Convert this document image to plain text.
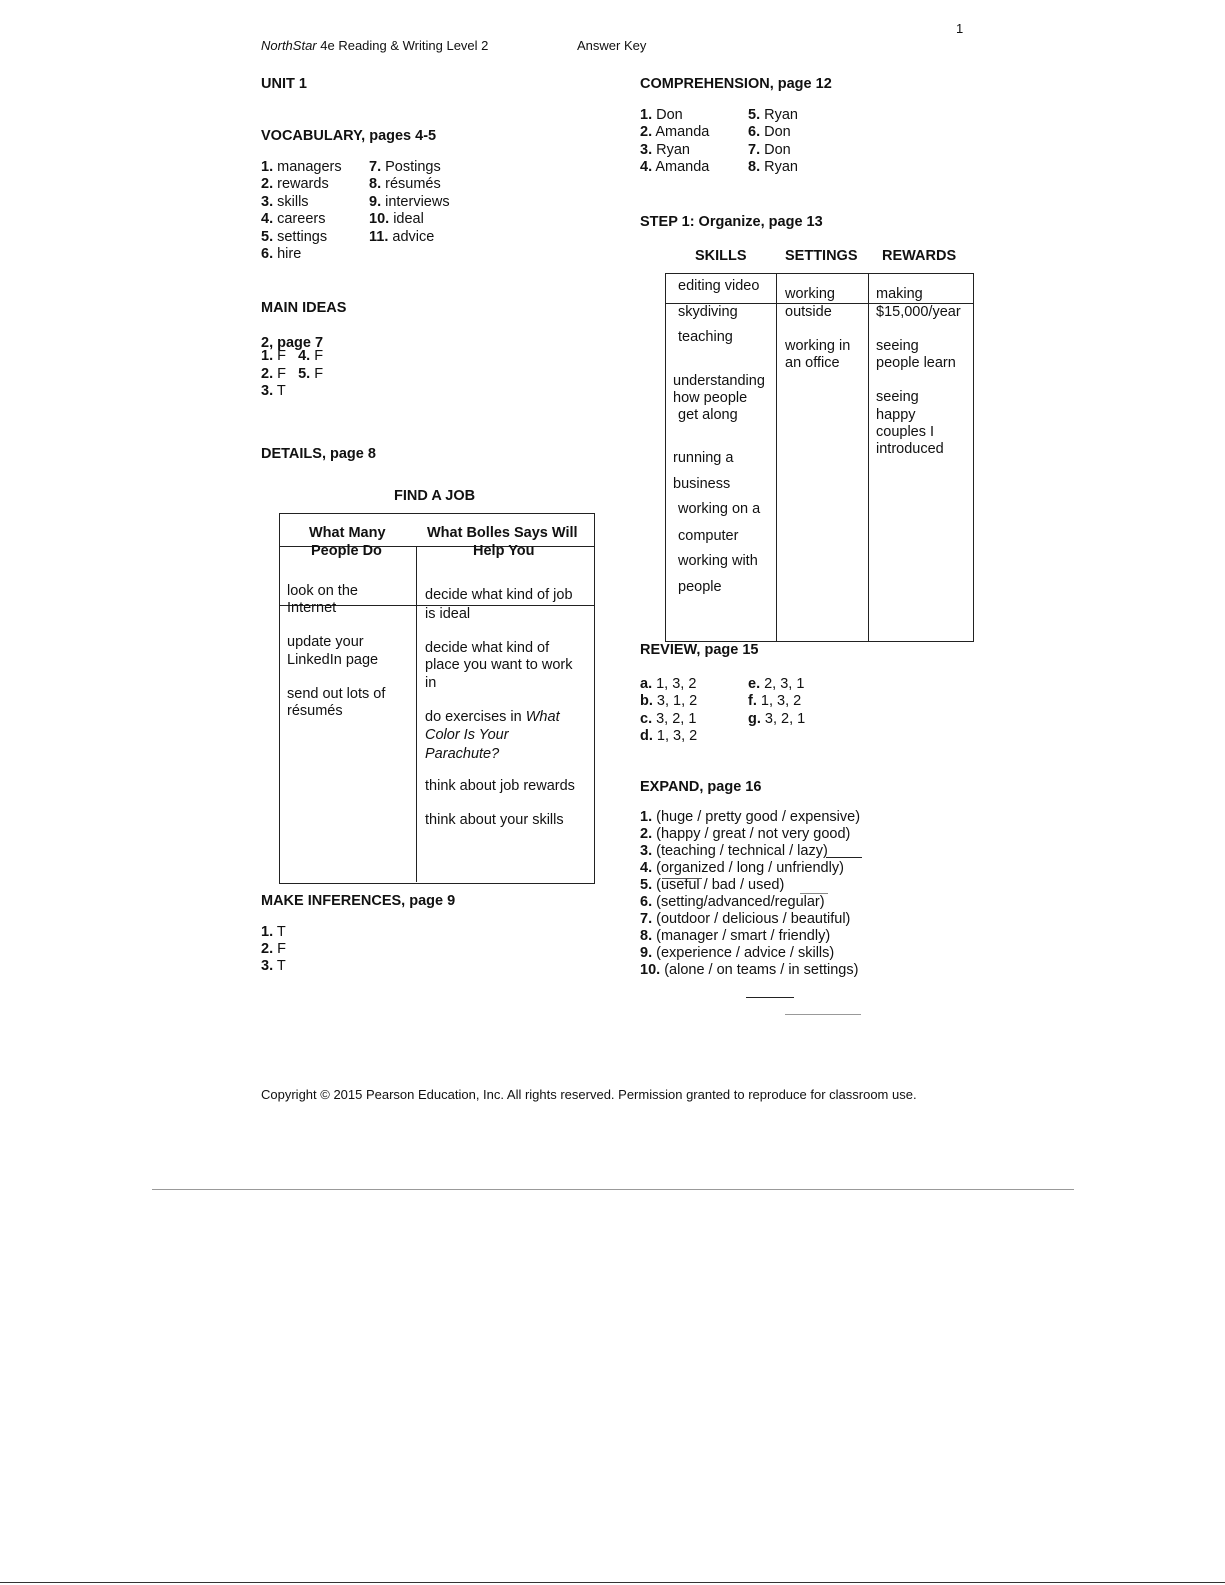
1
NorthStar 4e Reading & Writing Level 2	Answer Key
UNIT 1
VOCABULARY, pages 4-5
1. managers
2. rewards
3. skills
4. careers
5. settings
6. hire
7. Postings
8. résumés
9. interviews
10. ideal
11. advice
MAIN IDEAS
2, page 7
1. F 4. F
2. F 5. F
3. T
DETAILS, page 8
FIND A JOB
What Many
People Do
What Bolles Says Will
Help You
look on the
Internet
update your
LinkedIn page
send out lots of
résumés
decide what kind of job
is ideal
decide what kind of
place you want to work
in
do exercises in What
Color Is Your
Parachute?
think about job rewards
think about your skills
MAKE INFERENCES, page 9
1. T
2. F
3. T
COMPREHENSION, page 12
1. Don
2. Amanda
3. Ryan
4. Amanda
5. Ryan
6. Don
7. Don
8. Ryan
STEP 1: Organize, page 13
SKILLS	SETTINGS REWARDS
editing video
skydiving
teaching
understanding
how people
get along
running a
business
working on a
computer
working with
people
working
outside
working in
an office
making
$15,000/year
seeing
people learn
seeing
happy
couples I
introduced
REVIEW, page 15
a. 1, 3, 2
b. 3, 1, 2
c. 3, 2, 1
d. 1, 3, 2
e. 2, 3, 1
f. 1, 3, 2
g. 3, 2, 1
EXPAND, page 16
1. (huge / pretty good / expensive)
2. (happy / great / not very good)
3. (teaching / technical / lazy)
4. (organized / long / unfriendly)
5. (useful / bad / used)
6. (setting/advanced/regular)
7. (outdoor / delicious / beautiful)
8. (manager / smart / friendly)
9. (experience / advice / skills)
10. (alone / on teams / in settings)
Copyright © 2015 Pearson Education, Inc. All rights reserved. Permission granted to reproduce for classroom use.
